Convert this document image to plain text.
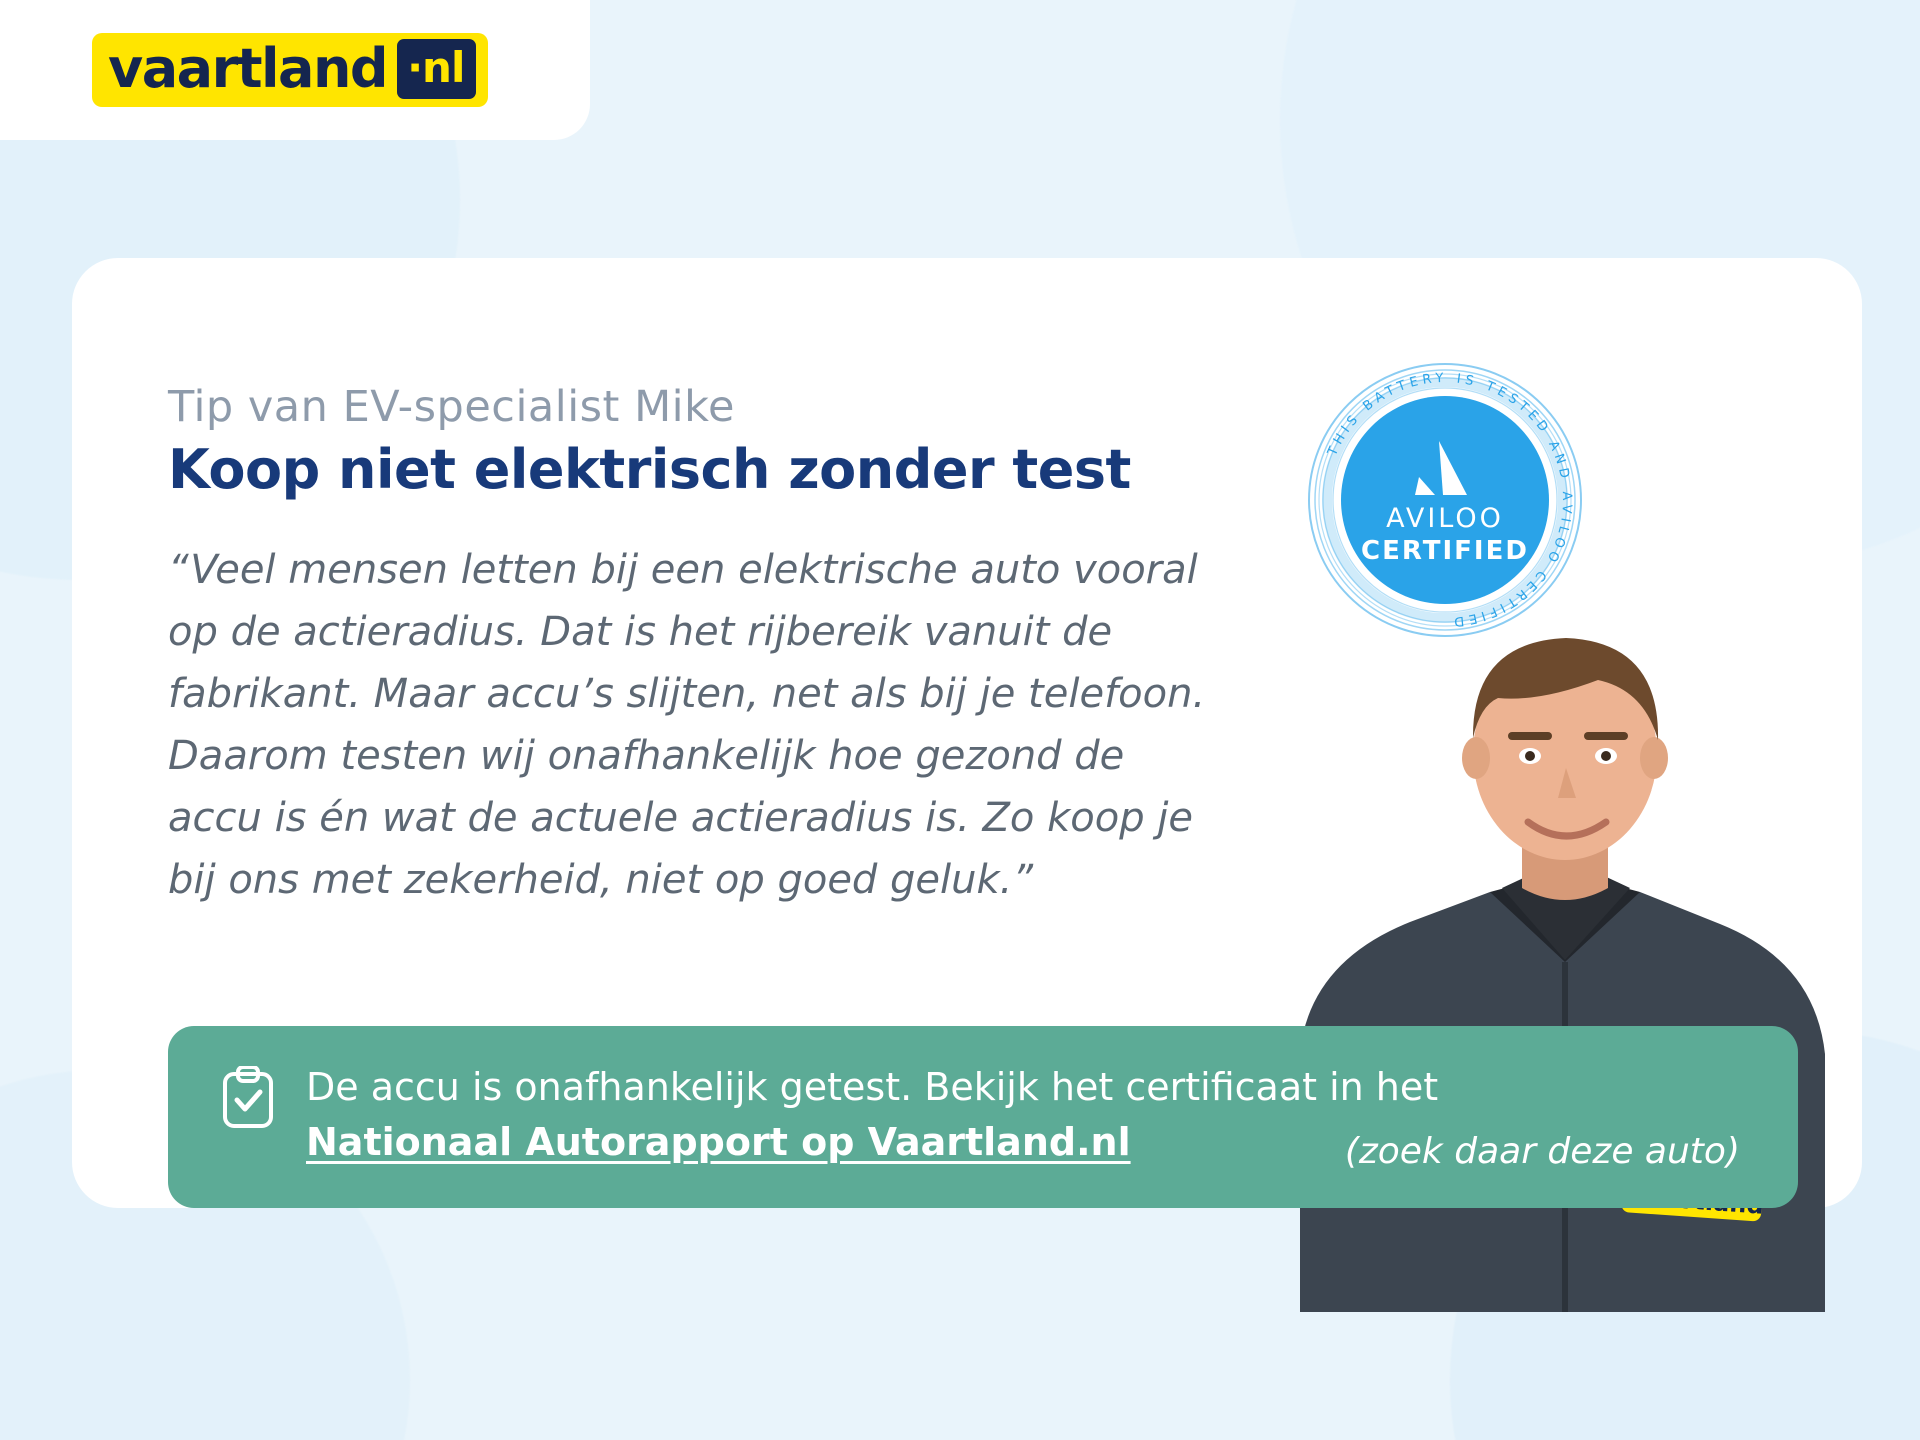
vaartland ·nl

Tip van EV-specialist Mike

Koop niet elektrisch zonder test

“Veel mensen letten bij een elektrische auto vooral op de actieradius. Dat is het rijbereik vanuit de fabrikant. Maar accu’s slijten, net als bij je telefoon. Daarom testen wij onafhankelijk hoe gezond de accu is én wat de actuele actieradius is. Zo koop je bij ons met zekerheid, niet op goed geluk.”

THIS BATTERY IS TESTED AND AVILOO CERTIFIED
AVILOO
CERTIFIED
De accu is onafhankelijk getest. Bekijk het certificaat in het
Nationaal Autorapport op Vaartland.nl	(zoek daar deze auto)
